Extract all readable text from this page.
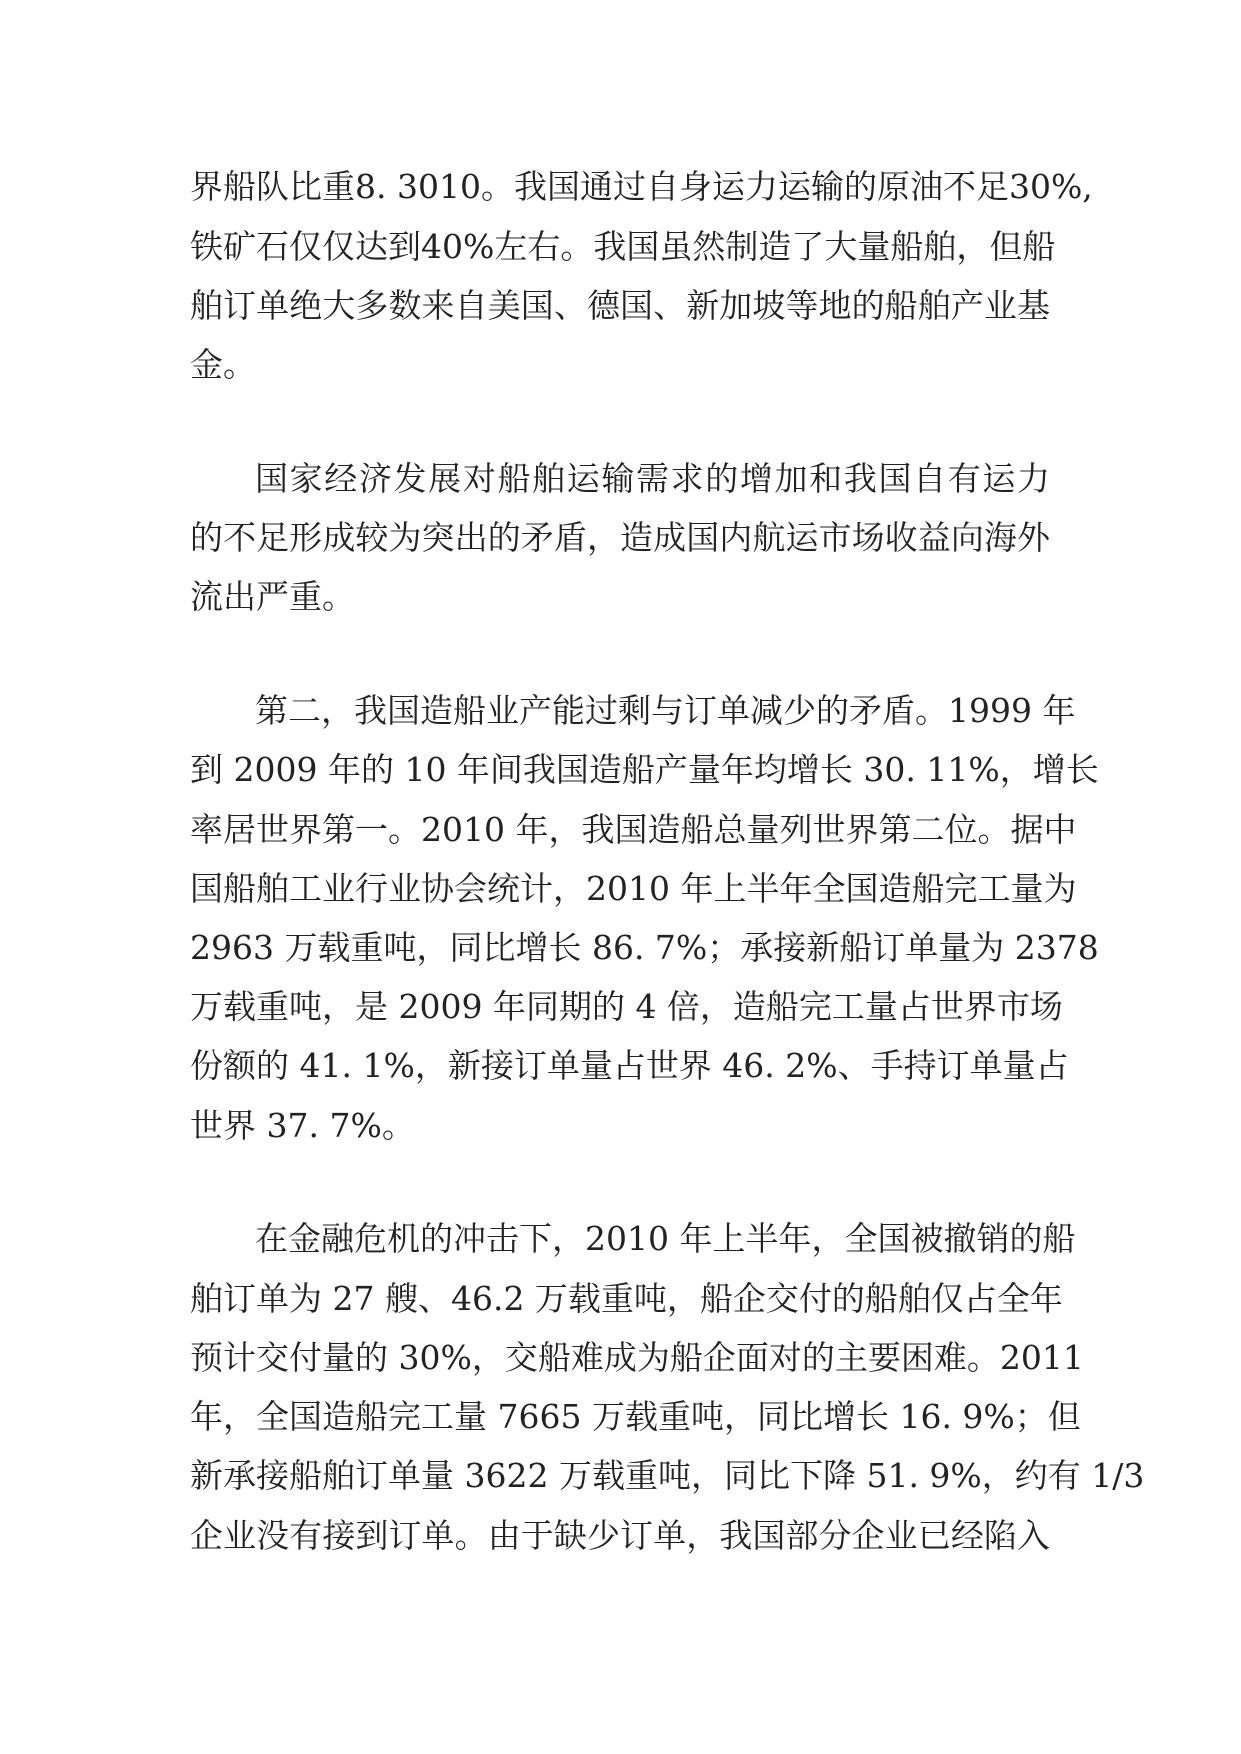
界船队比重8. 3010。我国通过自身运力运输的原油不足30%,
铁矿石仅仅达到40%左右。我国虽然制造了大量船舶，但船
舶订单绝大多数来自美国、德国、新加坡等地的船舶产业基
金。
国家经济发展对船舶运输需求的增加和我国自有运力
的不足形成较为突出的矛盾，造成国内航运市场收益向海外
流出严重。
第二，我国造船业产能过剩与订单减少的矛盾。1999 年
到 2009 年的 10 年间我国造船产量年均增长 30. 11%，增长
率居世界第一。2010 年，我国造船总量列世界第二位。据中
国船舶工业行业协会统计，2010 年上半年全国造船完工量为
2963 万载重吨，同比增长 86. 7%；承接新船订单量为 2378
万载重吨，是 2009 年同期的 4 倍，造船完工量占世界市场
份额的 41. 1%，新接订单量占世界 46. 2%、手持订单量占
世界 37. 7%。
在金融危机的冲击下，2010 年上半年，全国被撤销的船
舶订单为 27 艘、46.2 万载重吨，船企交付的船舶仅占全年
预计交付量的 30%，交船难成为船企面对的主要困难。2011
年，全国造船完工量 7665 万载重吨，同比增长 16. 9%；但
新承接船舶订单量 3622 万载重吨，同比下降 51. 9%，约有 1/3
企业没有接到订单。由于缺少订单，我国部分企业已经陷入
